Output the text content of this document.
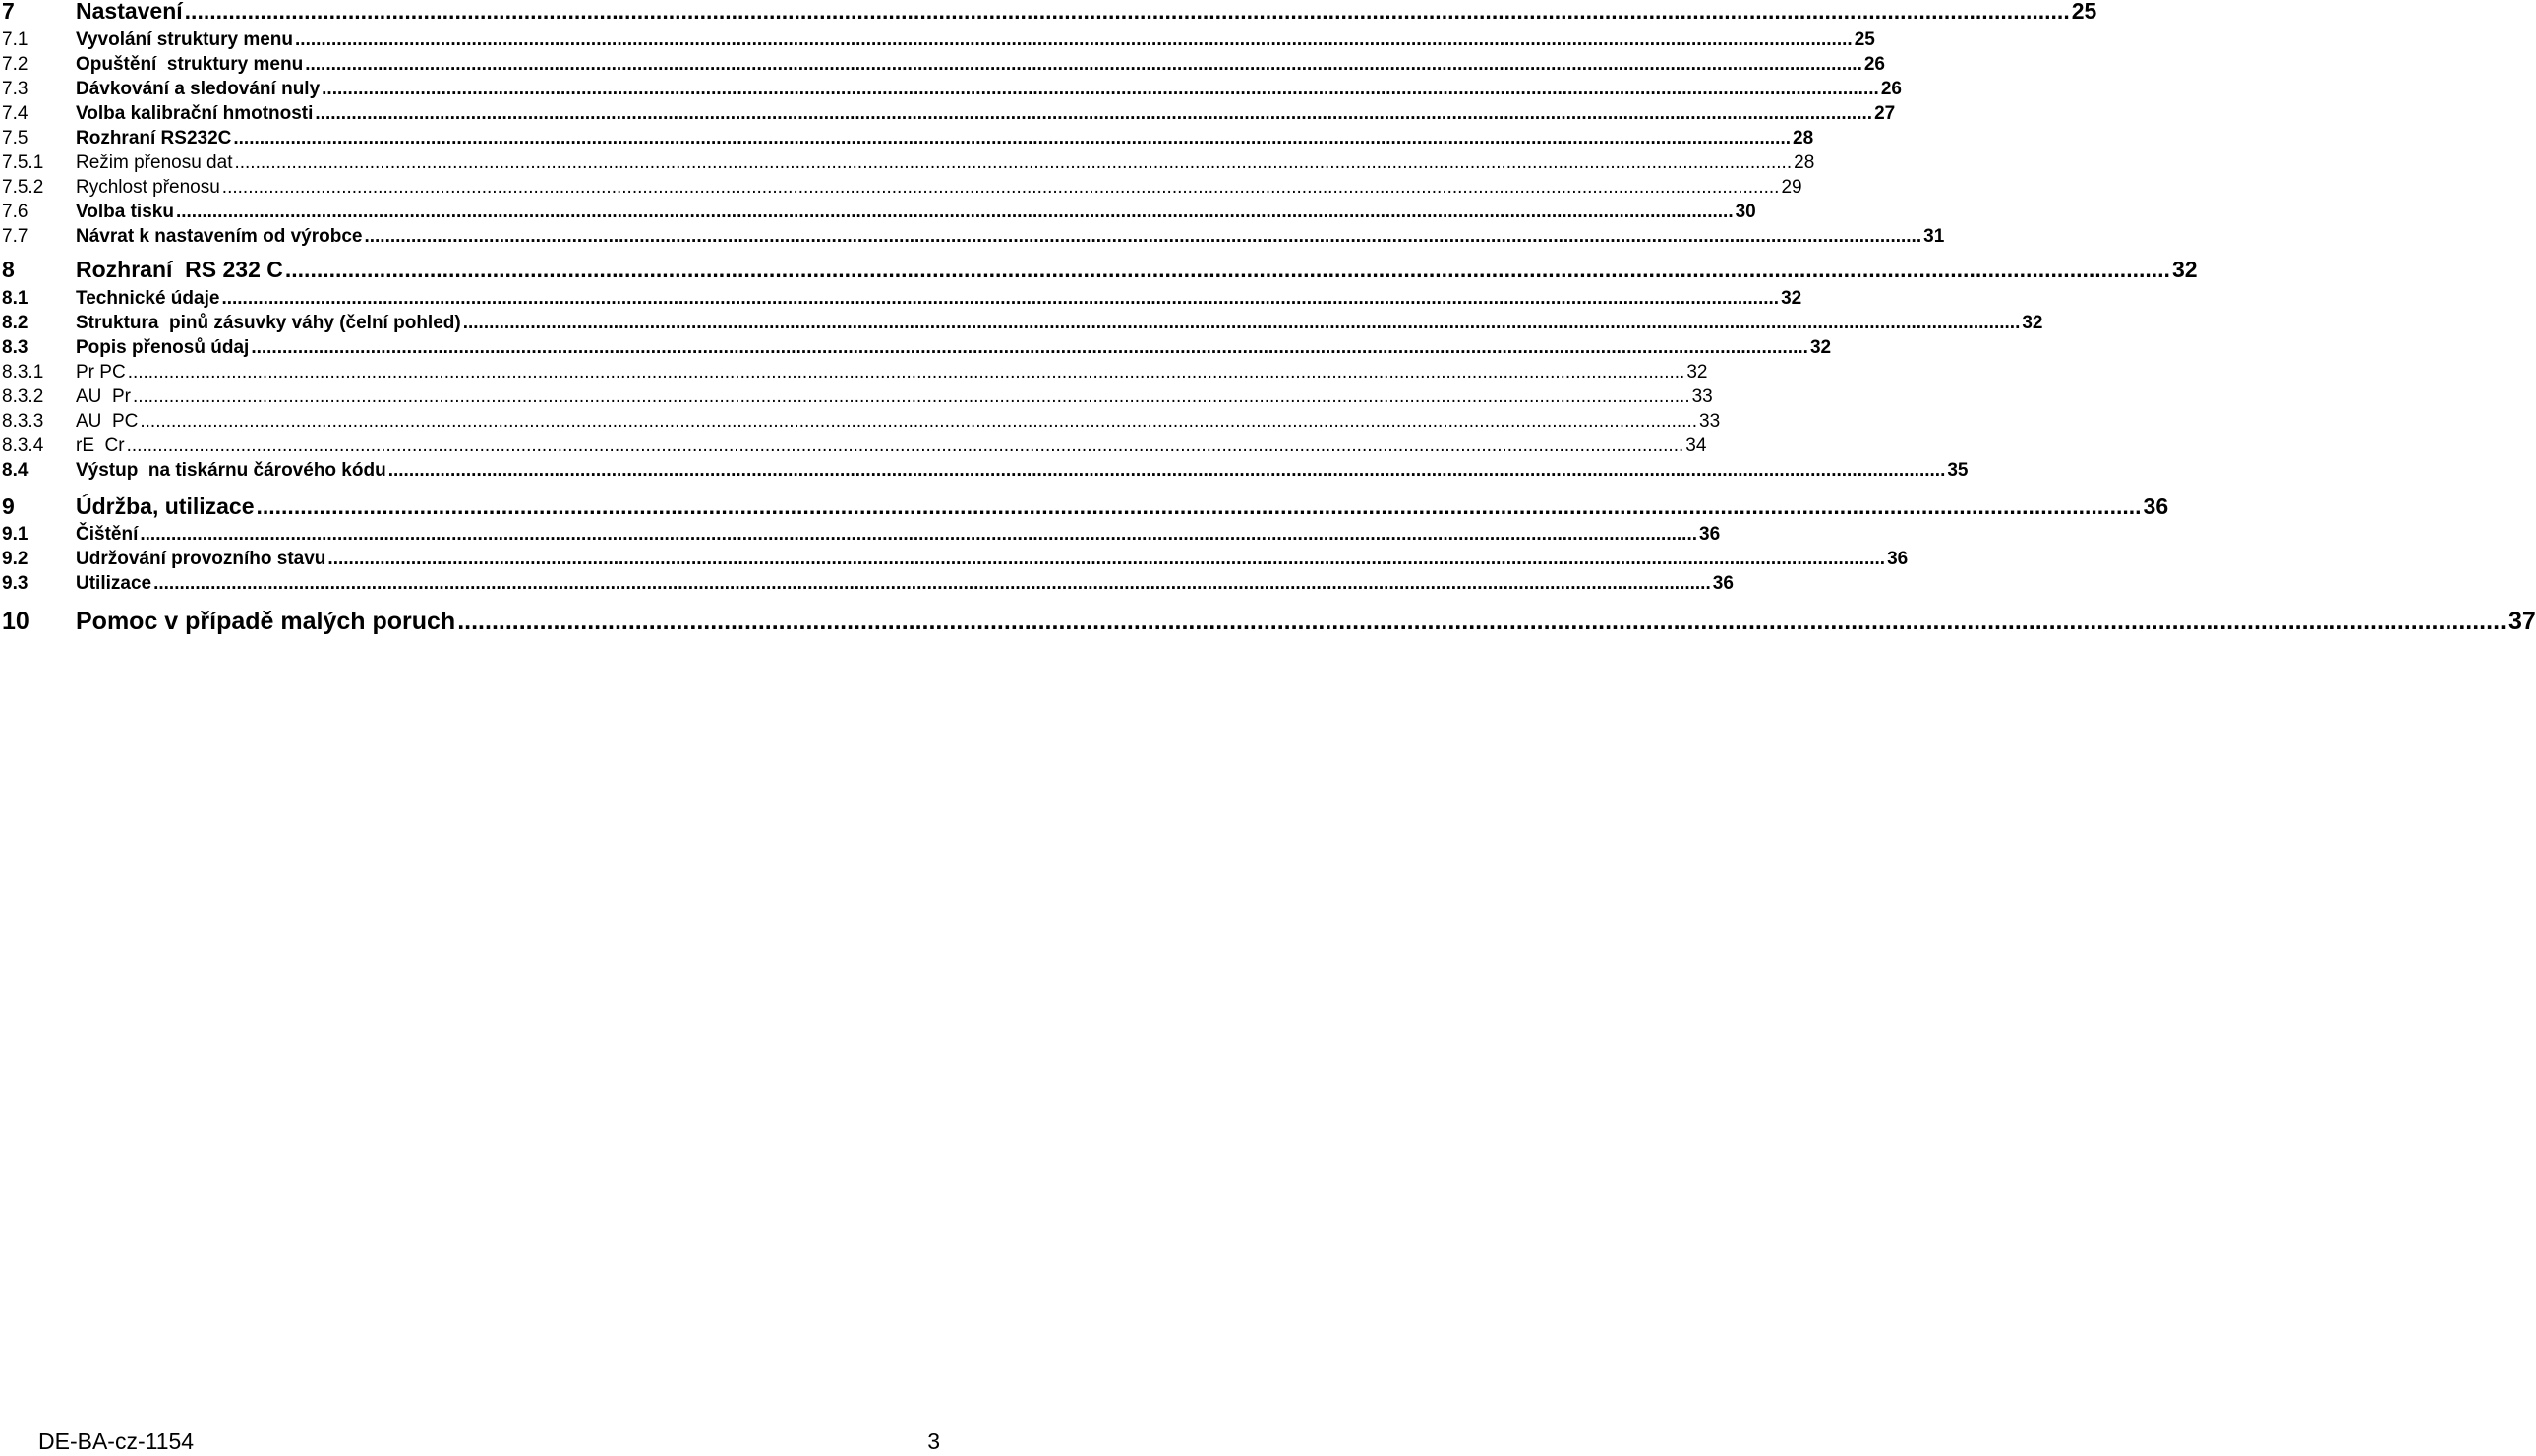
7	Nastavení ............................................................................................................................................................................................................................................................................................................ 25
7.1	Vyvolání struktury menu ............................................................................................................................................................................................................................................................................................................ 25
7.2	Opuštění  struktury menu ............................................................................................................................................................................................................................................................................................................ 26
7.3	Dávkování a sledování nuly ............................................................................................................................................................................................................................................................................................................ 26
7.4	Volba kalibrační hmotnosti ............................................................................................................................................................................................................................................................................................................ 27
7.5	Rozhraní RS232C ............................................................................................................................................................................................................................................................................................................ 28
7.5.1 Režim přenosu dat ............................................................................................................................................................................................................................................................................................................ 28
7.5.2 Rychlost přenosu ............................................................................................................................................................................................................................................................................................................ 29
7.6	Volba tisku ............................................................................................................................................................................................................................................................................................................ 30
7.7	Návrat k nastavením od výrobce ............................................................................................................................................................................................................................................................................................................ 31
8	Rozhraní  RS 232 C ............................................................................................................................................................................................................................................................................................................ 32
8.1	Technické údaje ............................................................................................................................................................................................................................................................................................................ 32
8.2	Struktura  pinů zásuvky váhy (čelní pohled) ............................................................................................................................................................................................................................................................................................................ 32
8.3	Popis přenosů údaj ............................................................................................................................................................................................................................................................................................................ 32
8.3.1 Pr PC ............................................................................................................................................................................................................................................................................................................ 32
8.3.2 AU  Pr ............................................................................................................................................................................................................................................................................................................ 33
8.3.3 AU  PC ............................................................................................................................................................................................................................................................................................................ 33
8.3.4 rE  Cr ............................................................................................................................................................................................................................................................................................................ 34
8.4	Výstup  na tiskárnu čárového kódu ............................................................................................................................................................................................................................................................................................................ 35
9	Údržba, utilizace ............................................................................................................................................................................................................................................................................................................ 36
9.1	Čištění ............................................................................................................................................................................................................................................................................................................ 36
9.2	Udržování provozního stavu ............................................................................................................................................................................................................................................................................................................ 36
9.3	Utilizace ............................................................................................................................................................................................................................................................................................................ 36
10 Pomoc v případě malých poruch ............................................................................................................................................................................................................................................................................................................ 37
DE-BA-cz-1154	3
